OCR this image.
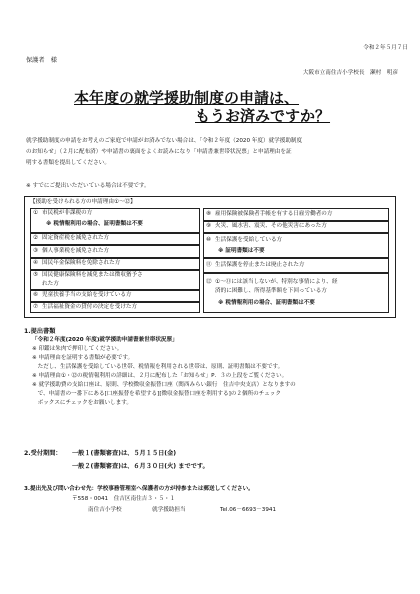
令和２年５月７日
保護者　様
大阪市立南住吉小学校長　瀬村　明彦
本年度の就学援助制度の申請は、
もうお済みですか？
就学援助制度の申請をお考えのご家庭で申請がお済みでない場合は、「令和２年度（2020 年度）就学援助制度
のお知らせ」（２月に配布済）や申請書の裏面をよくお読みになり「申請書兼世帯状況票」と申請理由を証
明する書類を提出してください。
※ すでにご提出いただいている場合は不要です。
【援助を受けられる方の申請理由①～⑫】
① 市民税が非課税の方
※ 税情報利用の場合、証明書類は不要
② 固定資産税を減免された方
③ 個人事業税を減免された方
④ 国民年金保険料を免除された方
⑤ 国民健康保険料を減免または徴収猶予さ
れた方
⑥ 児童扶養手当の支給を受けている方
⑦ 生活福祉資金の貸付の決定を受けた方
⑧ 雇用保険被保険者手帳を有する日雇労働者の方
⑨ 火災、風水害、震災、その他災害にあった方
⑩ 生活保護を受給している方
※ 証明書類は不要
⑪ 生活保護を停止または廃止された方
⑫ ①～⑪には該当しないが、特別な事情により、経
済的に困難し、所得基準額を下回っている方
※ 税情報利用の場合、証明書類は不要
1.提出書類
「令和２年度(2020 年度)就学援助申請書兼世帯状況票」
※ 印鑑は朱肉で押印してください。
※ 申請理由を証明する書類が必要です。
　ただし、生活保護を受給している世帯、税情報を利用される世帯は、原則、証明書類は不要です。
※ 申請理由①・⑫の税情報利用の詳細は、２月に配布した「お知らせ」P．３の上段をご覧ください。
※ 就学援助費の支給口座は、原則、学校徴収金振替口座（関西みらい銀行　住吉中央支店）となりますの
　で、申請書の一番下にある[口座振替を希望する][徴収金振替口座を利用する]の２個所のチェック
　ボックスにチェックをお願いします。
2.受付期間： 一般１(書類審査)は、５月１５日(金)
一般２(書類審査)は、６月３０日(火) までです。
3.提出先及び問い合わせ先：学校事務管理室へ保護者の方が持参または郵送してください。
〒558・0041　住吉区南住吉３・５・１
南住吉小学校	就学援助担当	Tel.06－6693－3941
